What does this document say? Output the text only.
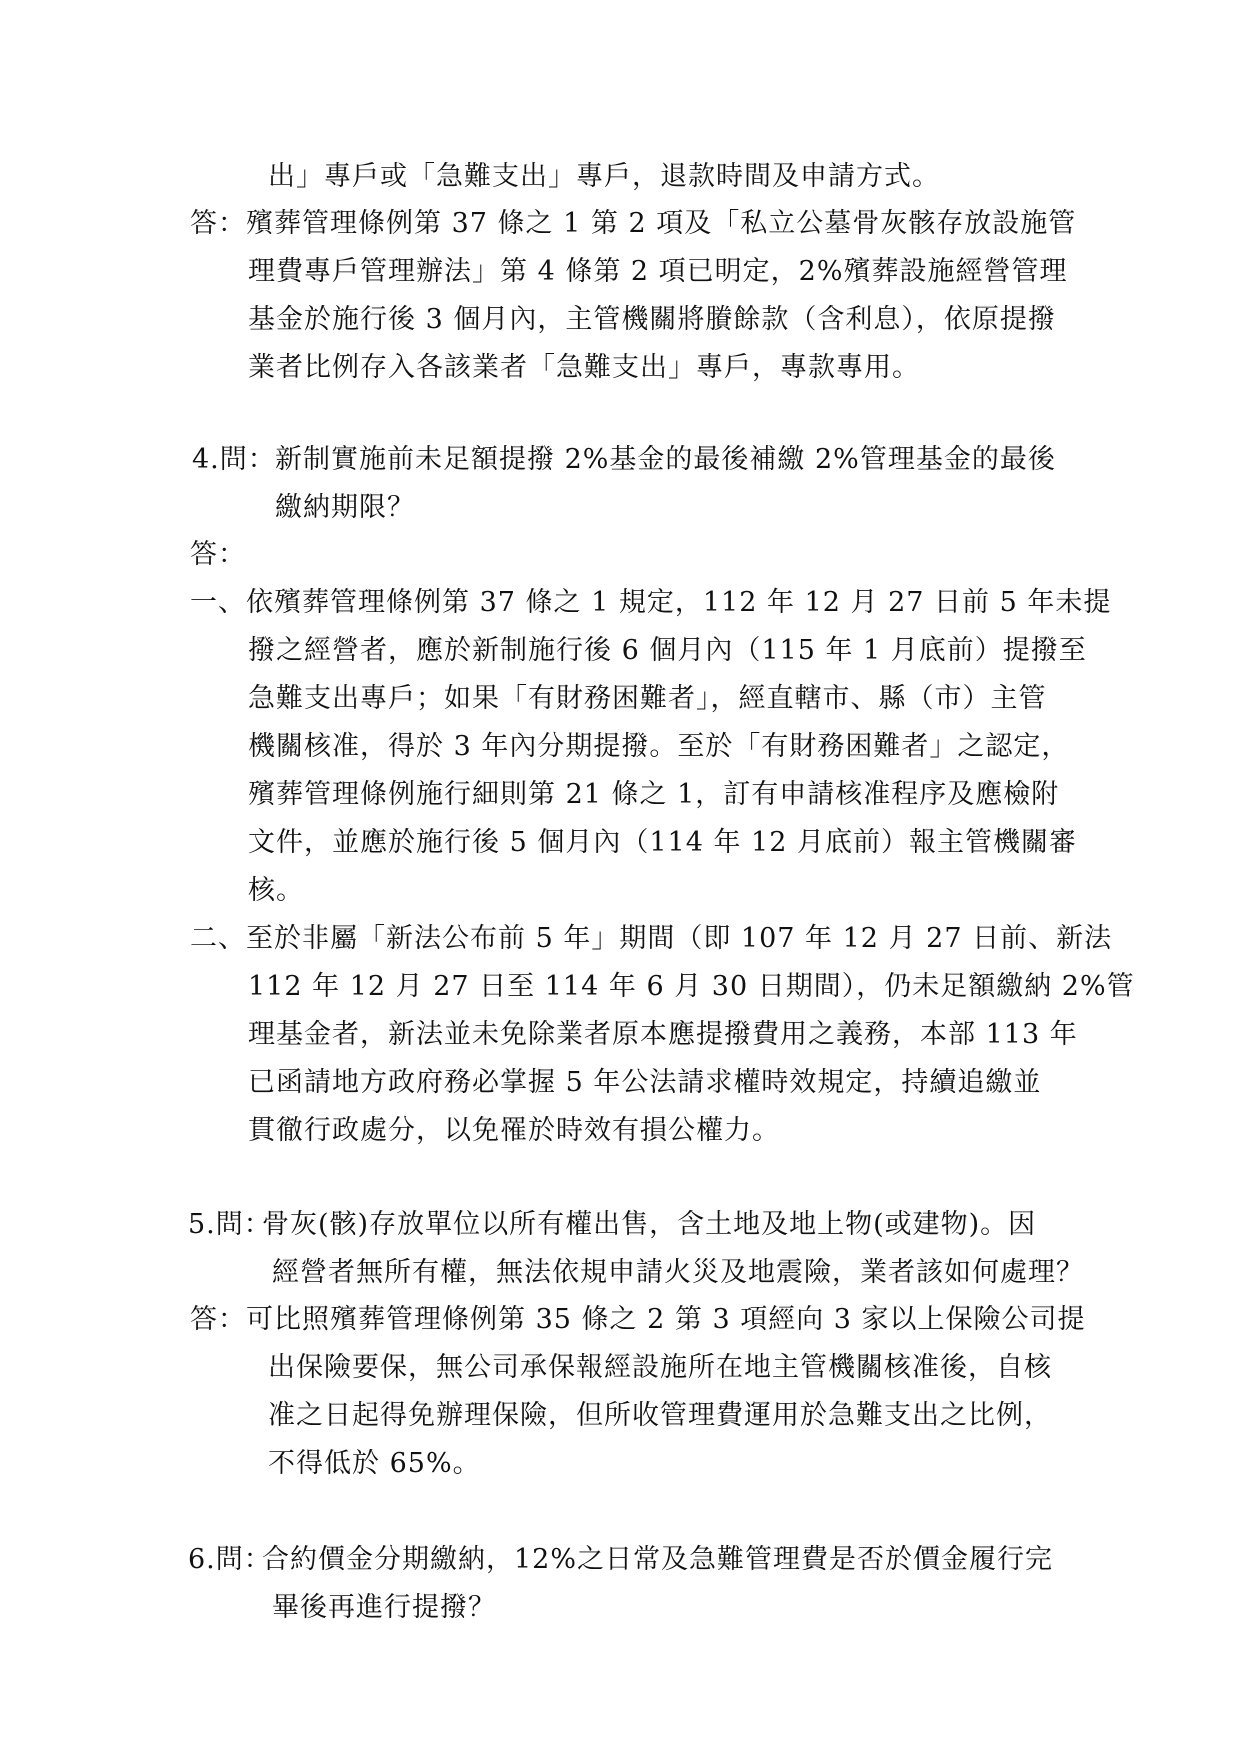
出」專戶或「急難支出」專戶，退款時間及申請方式。
答： 殯葬管理條例第 37 條之 1 第 2 項及「私立公墓骨灰骸存放設施管
理費專戶管理辦法」第 4 條第 2 項已明定，2%殯葬設施經營管理
基金於施行後 3 個月內，主管機關將賸餘款（含利息），依原提撥
業者比例存入各該業者「急難支出」專戶，專款專用。
4.問： 新制實施前未足額提撥 2%基金的最後補繳 2%管理基金的最後
繳納期限？
答：
一、 依殯葬管理條例第 37 條之 1 規定，112 年 12 月 27 日前 5 年未提
撥之經營者，應於新制施行後 6 個月內（115 年 1 月底前）提撥至
急難支出專戶；如果「有財務困難者」，經直轄市、縣（市）主管
機關核准，得於 3 年內分期提撥。至於「有財務困難者」之認定，
殯葬管理條例施行細則第 21 條之 1，訂有申請核准程序及應檢附
文件，並應於施行後 5 個月內（114 年 12 月底前）報主管機關審
核。
二、 至於非屬「新法公布前 5 年」期間（即 107 年 12 月 27 日前、新法
112 年 12 月 27 日至 114 年 6 月 30 日期間），仍未足額繳納 2%管
理基金者，新法並未免除業者原本應提撥費用之義務，本部 113 年
已函請地方政府務必掌握 5 年公法請求權時效規定，持續追繳並
貫徹行政處分，以免罹於時效有損公權力。
5.問：
骨灰(骸)存放單位以所有權出售，含土地及地上物(或建物)。因
經營者無所有權，無法依規申請火災及地震險，業者該如何處理？
答： 可比照殯葬管理條例第 35 條之 2 第 3 項經向 3 家以上保險公司提
出保險要保，無公司承保報經設施所在地主管機關核准後，自核
准之日起得免辦理保險，但所收管理費運用於急難支出之比例，
不得低於 65%。
6.問：
合約價金分期繳納，12%之日常及急難管理費是否於價金履行完
畢後再進行提撥？
